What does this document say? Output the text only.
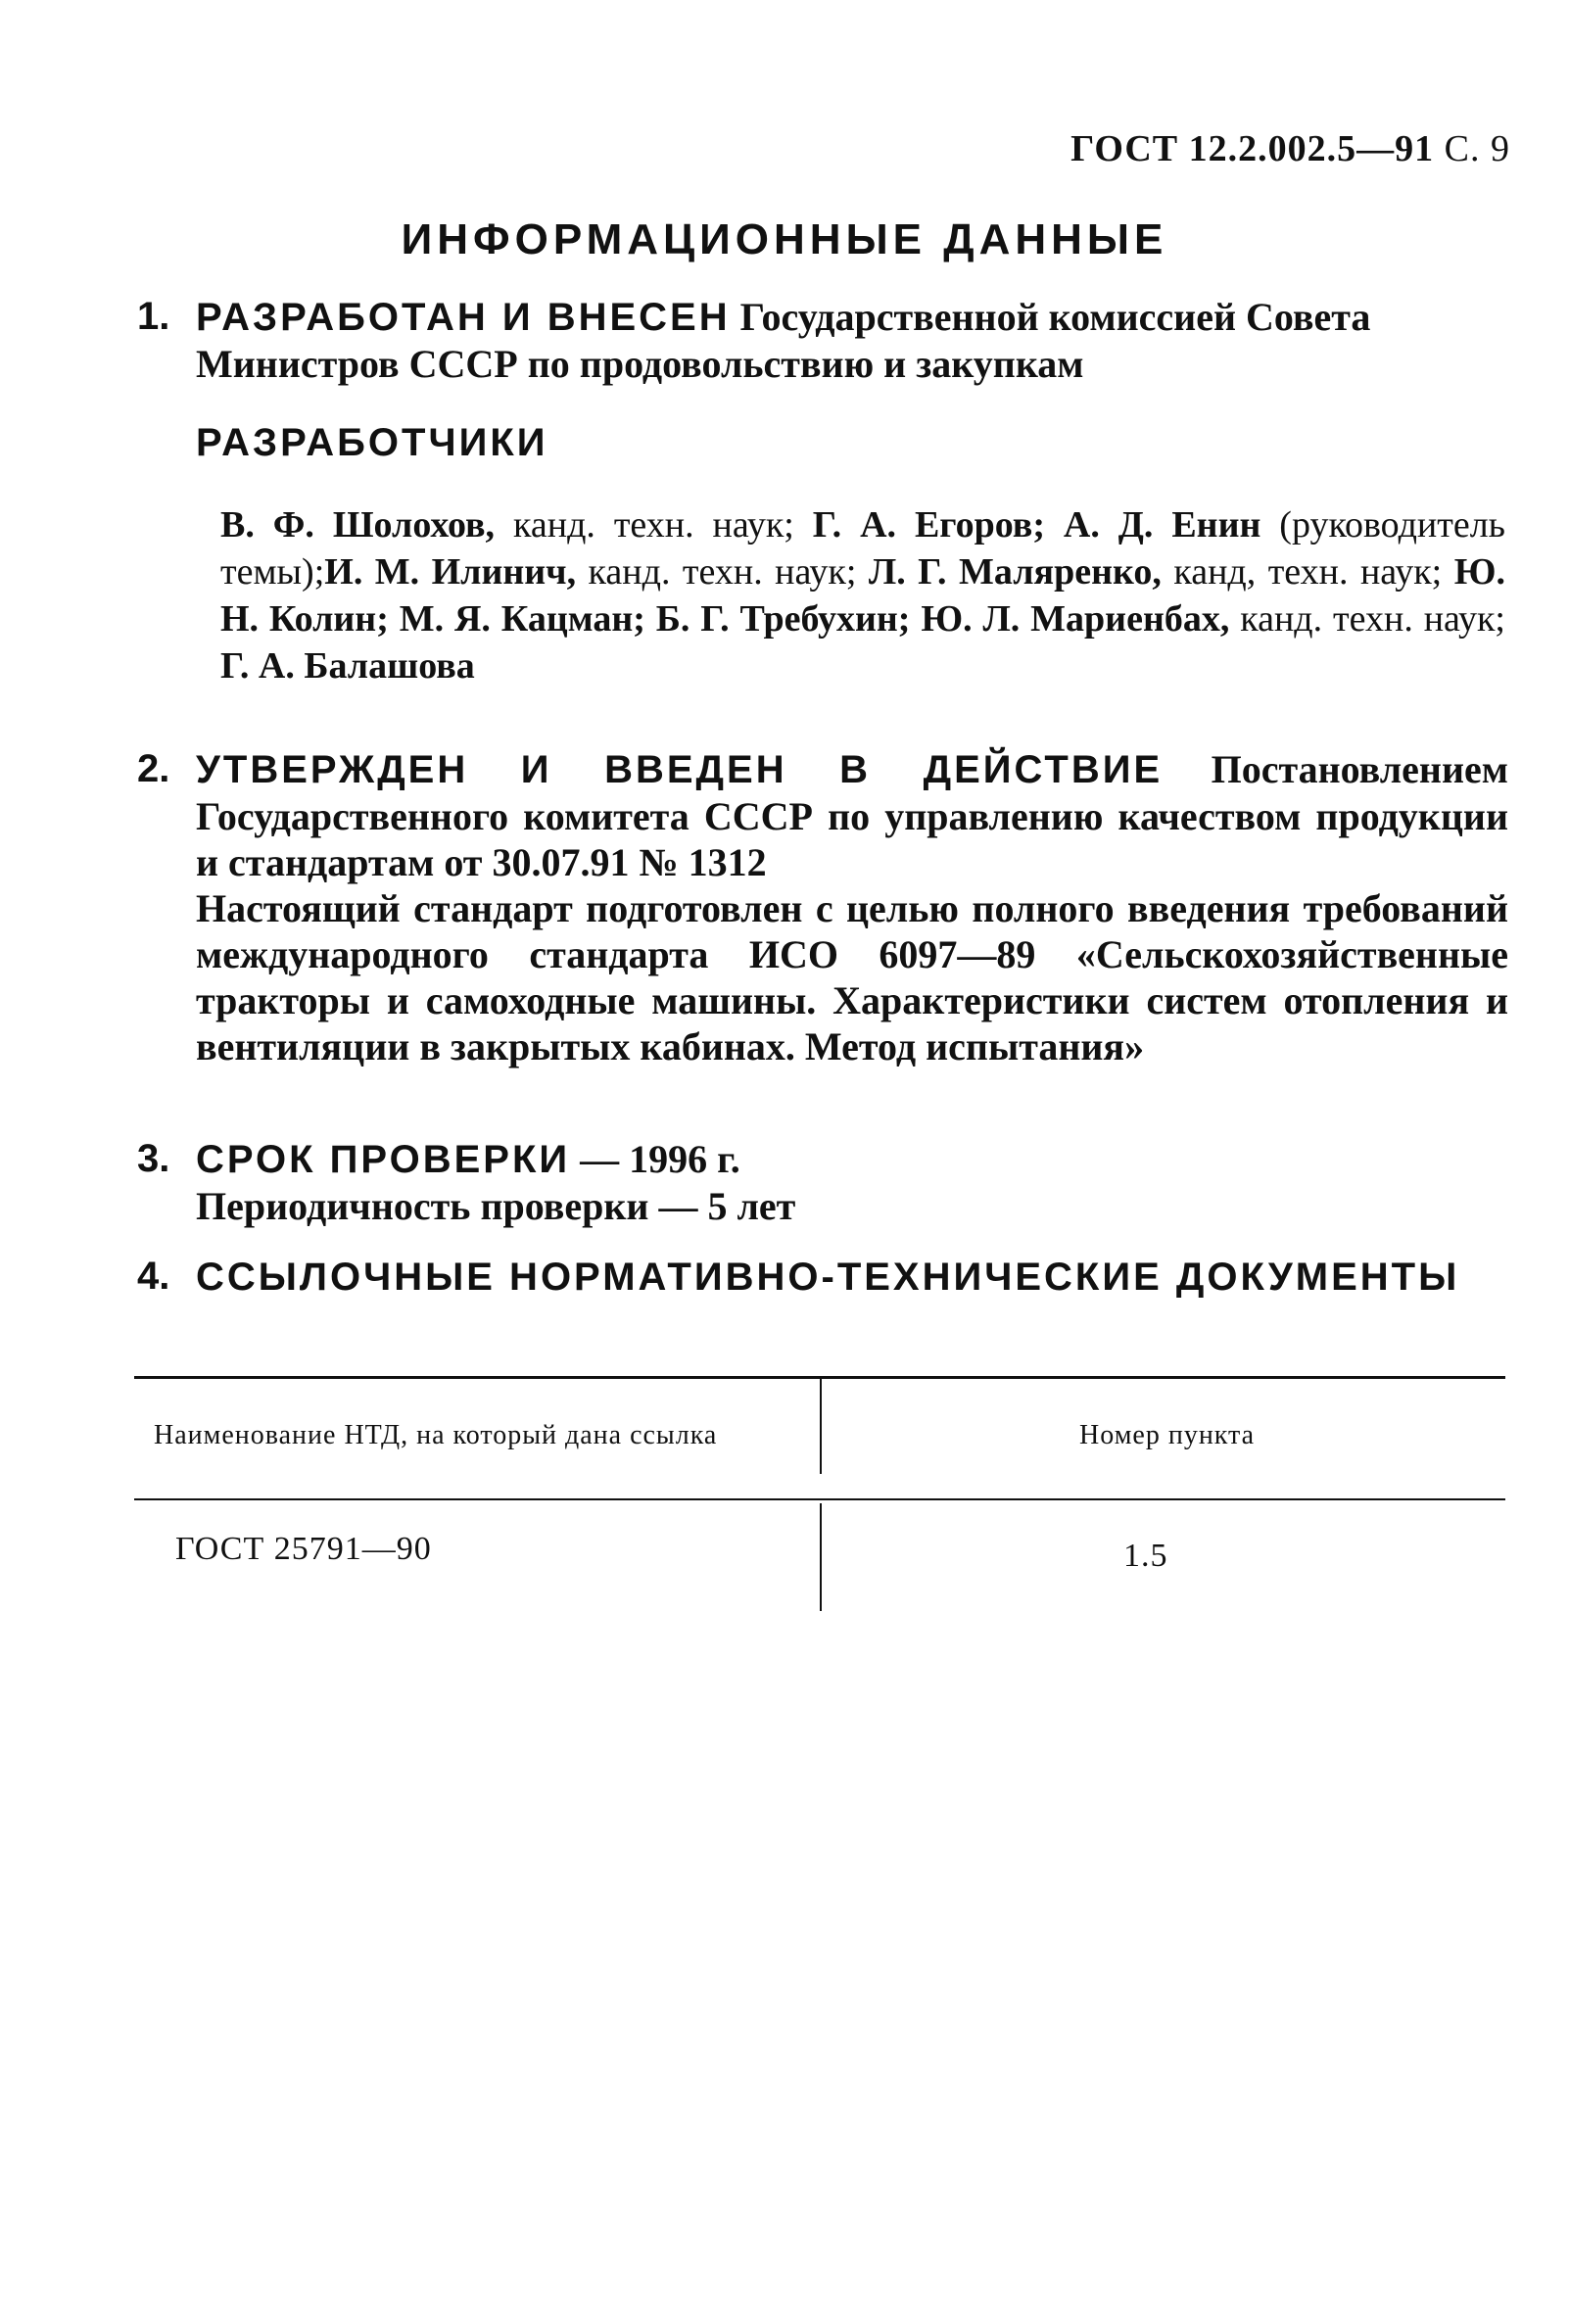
ГОСТ 12.2.002.5—91 С. 9
ИНФОРМАЦИОННЫЕ ДАННЫЕ
1. РАЗРАБОТАН И ВНЕСЕН Государственной комиссией Совета Министров СССР по продовольствию и закупкам
РАЗРАБОТЧИКИ
В. Ф. Шолохов, канд. техн. наук; Г. А. Егоров; А. Д. Енин (руководитель темы);И. М. Илинич, канд. техн. наук; Л. Г. Маляренко, канд, техн. наук; Ю. Н. Колин; М. Я. Кацман; Б. Г. Требухин; Ю. Л. Мариенбах, канд. техн. наук; Г. А. Балашова
2. УТВЕРЖДЕН И ВВЕДЕН В ДЕЙСТВИЕ Постановлением Государственного комитета СССР по управлению качеством продукции и стандартам от 30.07.91 № 1312
Настоящий стандарт подготовлен с целью полного введения требований международного стандарта ИСО 6097—89 «Сельскохозяйственные тракторы и самоходные машины. Характеристики систем отопления и вентиляции в закрытых кабинах. Метод испытания»
3. СРОК ПРОВЕРКИ — 1996 г.
Периодичность проверки — 5 лет
4. ССЫЛОЧНЫЕ НОРМАТИВНО-ТЕХНИЧЕСКИЕ ДОКУМЕНТЫ
Наименование НТД, на который дана ссылка	Номер пункта
ГОСТ 25791—90	1.5
